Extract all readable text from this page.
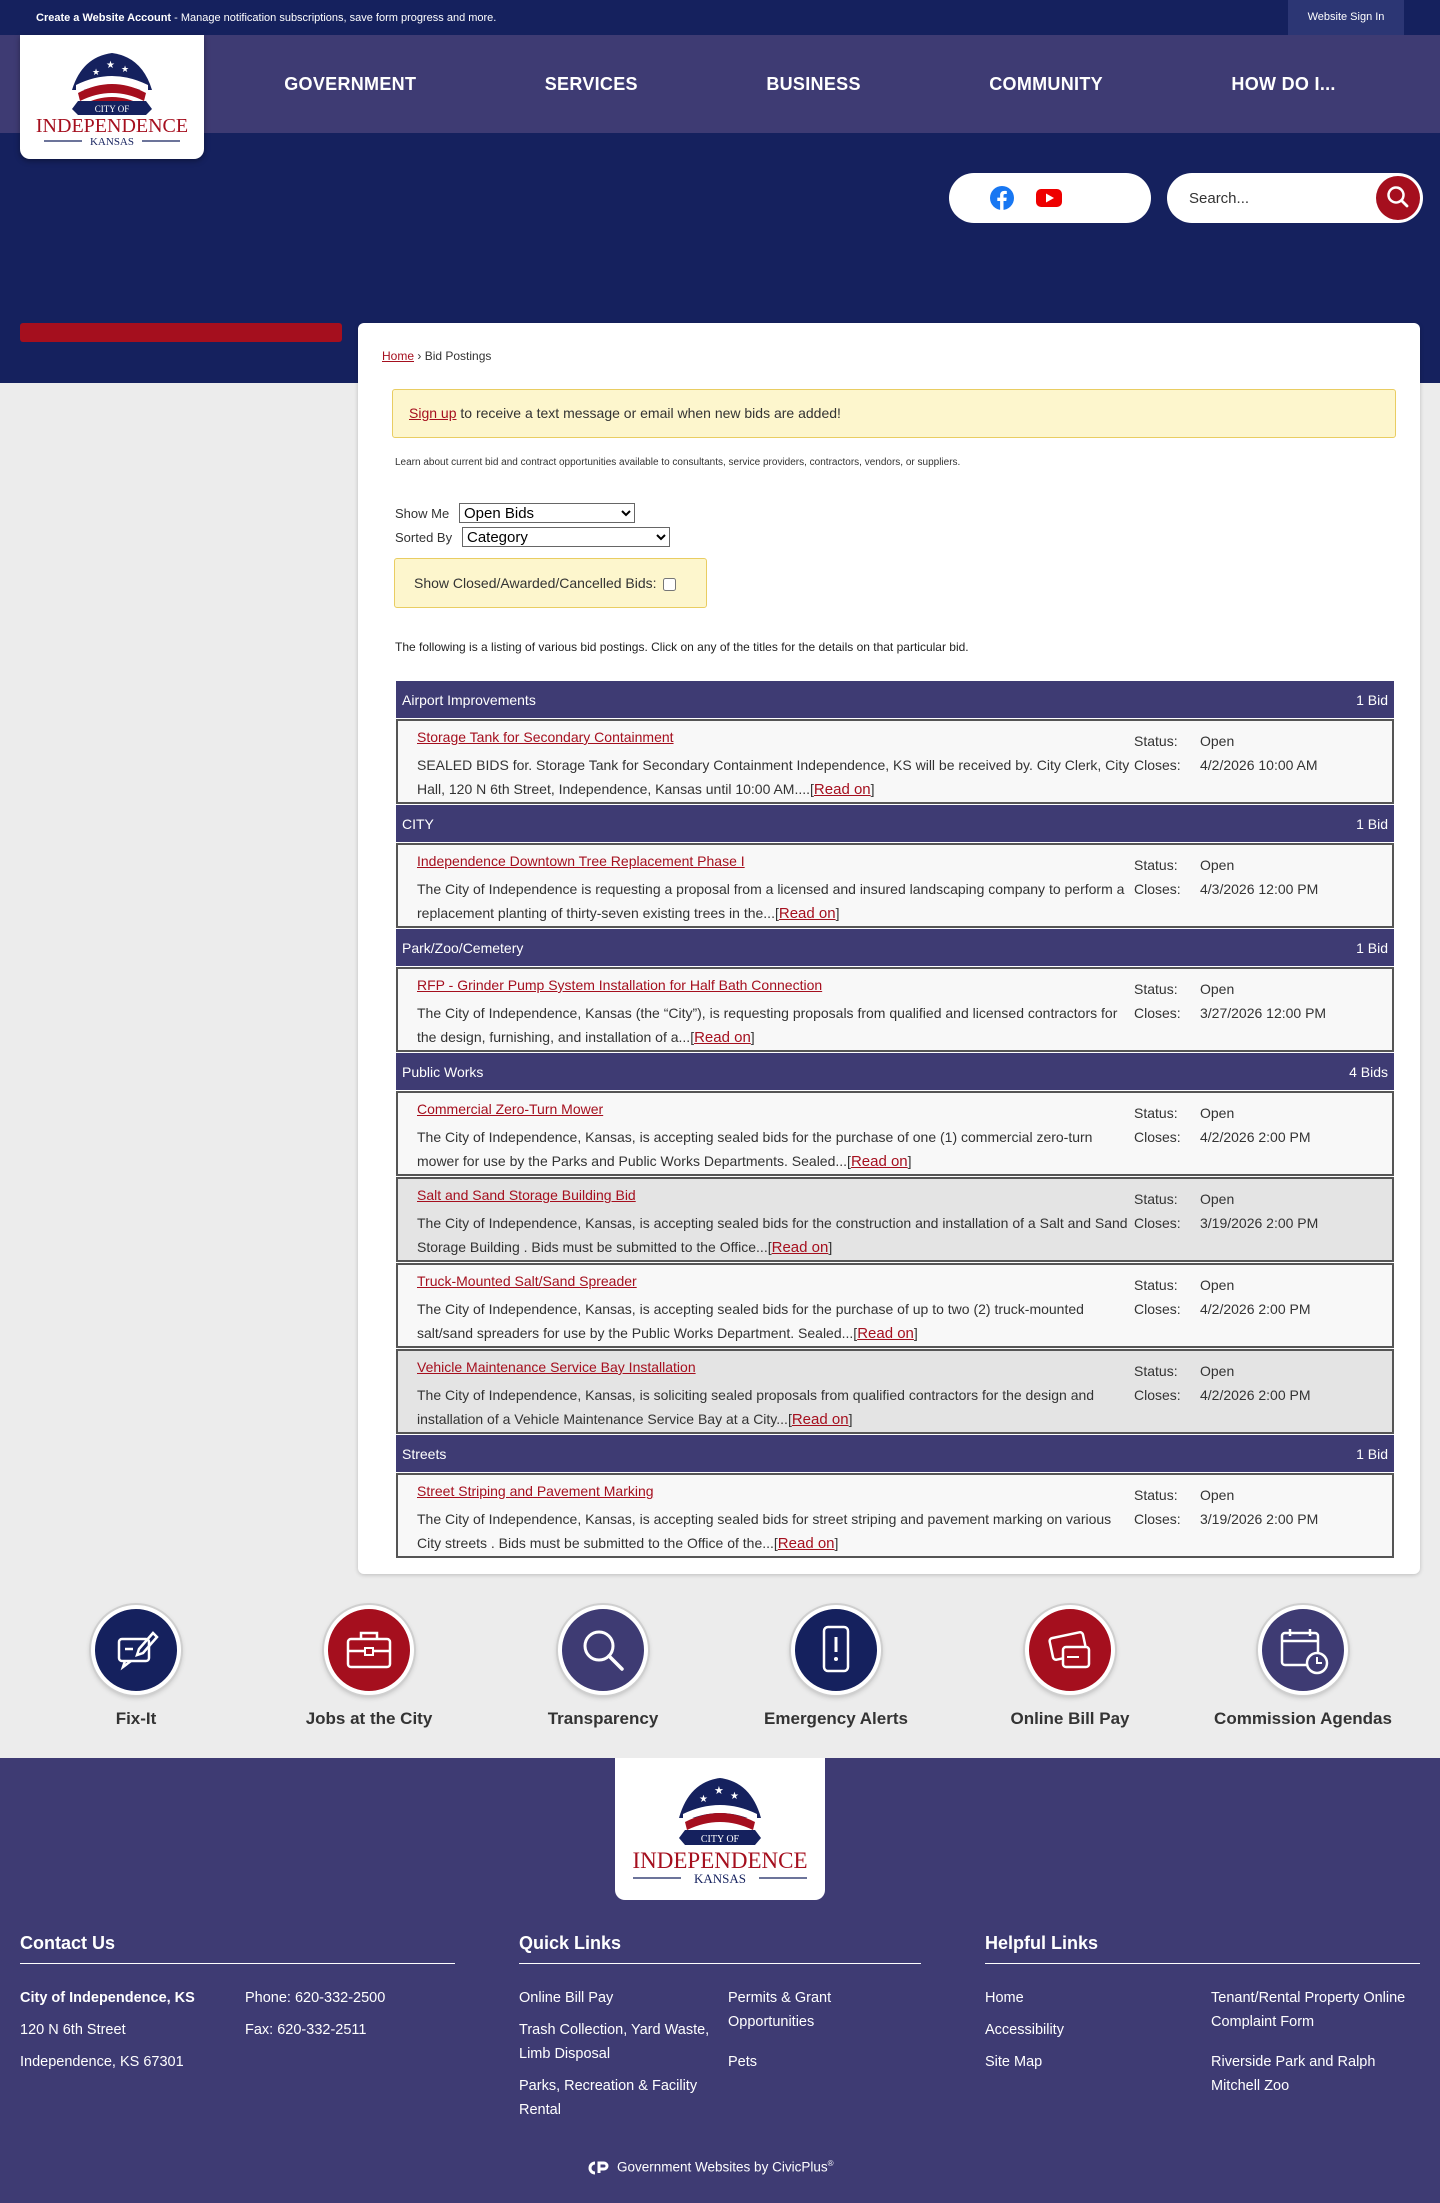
Create a Website Account - Manage notification subscriptions, save form progress and more.	Website Sign In
★
★ ★
CITY OF
INDEPENDENCE
KANSAS
GOVERNMENT	SERVICES	BUSINESS	COMMUNITY	HOW DO I...
Search...
Home › Bid Postings
Sign up to receive a text message or email when new bids are added!
Learn about current bid and contract opportunities available to consultants, service providers, contractors, vendors, or suppliers.
Show Me
Open Bids
Sorted By
Category
Show Closed/Awarded/Cancelled Bids:
The following is a listing of various bid postings. Click on any of the titles for the details on that particular bid.
Airport Improvements	1 Bid
Storage Tank for Secondary Containment
SEALED BIDS for. Storage Tank for Secondary Containment Independence, KS will be received by. City Clerk, City Hall, 120 N 6th Street, Independence, Kansas until 10:00 AM....[Read on]
Status: Open
Closes: 4/2/2026 10:00 AM
CITY	1 Bid
Independence Downtown Tree Replacement Phase I
The City of Independence is requesting a proposal from a licensed and insured landscaping company to perform a replacement planting of thirty-seven existing trees in the...[Read on]
Status: Open
Closes: 4/3/2026 12:00 PM
Park/Zoo/Cemetery	1 Bid
RFP - Grinder Pump System Installation for Half Bath Connection
The City of Independence, Kansas (the “City”), is requesting proposals from qualified and licensed contractors for the design, furnishing, and installation of a...[Read on]
Status: Open
Closes: 3/27/2026 12:00 PM
Public Works	4 Bids
Commercial Zero-Turn Mower
The City of Independence, Kansas, is accepting sealed bids for the purchase of one (1) commercial zero-turn mower for use by the Parks and Public Works Departments. Sealed...[Read on]
Status: Open
Closes: 4/2/2026 2:00 PM
Salt and Sand Storage Building Bid
The City of Independence, Kansas, is accepting sealed bids for the construction and installation of a Salt and Sand Storage Building . Bids must be submitted to the Office...[Read on]
Status: Open
Closes: 3/19/2026 2:00 PM
Truck-Mounted Salt/Sand Spreader
The City of Independence, Kansas, is accepting sealed bids for the purchase of up to two (2) truck-mounted salt/sand spreaders for use by the Public Works Department. Sealed...[Read on]
Status: Open
Closes: 4/2/2026 2:00 PM
Vehicle Maintenance Service Bay Installation
The City of Independence, Kansas, is soliciting sealed proposals from qualified contractors for the design and installation of a Vehicle Maintenance Service Bay at a City...[Read on]
Status: Open
Closes: 4/2/2026 2:00 PM
Streets	1 Bid
Street Striping and Pavement Marking
The City of Independence, Kansas, is accepting sealed bids for street striping and pavement marking on various City streets . Bids must be submitted to the Office of the...[Read on]
Status: Open
Closes: 3/19/2026 2:00 PM
Fix-It	Jobs at the City	Transparency	Emergency Alerts	Online Bill Pay	Commission Agendas
★
★ ★
CITY OF
INDEPENDENCE
KANSAS
Contact Us
City of Independence, KS
120 N 6th Street
Independence, KS 67301
Phone: 620-332-2500
Fax: 620-332-2511
Quick Links
Online Bill Pay
Trash Collection, Yard Waste, Limb Disposal
Parks, Recreation & Facility Rental
Permits & Grant Opportunities
Pets
Helpful Links
Home
Accessibility
Site Map
Tenant/Rental Property Online Complaint Form
Riverside Park and Ralph Mitchell Zoo
Government Websites by CivicPlus®
